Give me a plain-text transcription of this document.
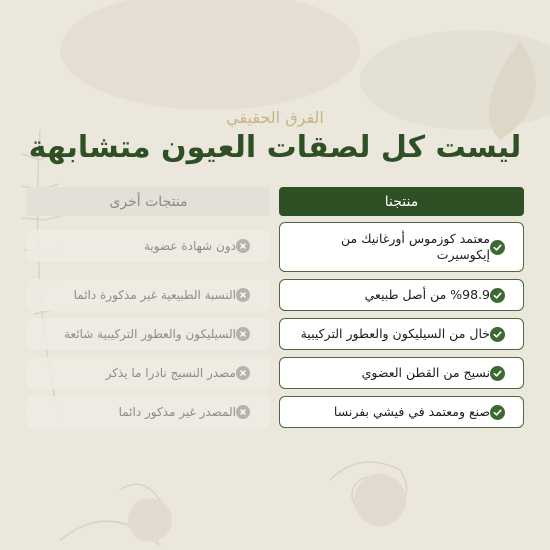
الفرق الحقيقي
ليست كل لصقات العيون متشابهة
منتجنا
منتجات أخرى
معتمد كوزموس أورغانيك من إيكوسيرت
%98.9 من أصل طبيعي
خال من السيليكون والعطور التركيبية
نسيج من القطن العضوي
صنع ومعتمد في فيشي بفرنسا
دون شهادة عضوية
النسبة الطبيعية غير مذكورة دائما
السيليكون والعطور التركيبية شائعة
مصدر النسيج نادرا ما يذكر
المصدر غير مذكور دائما
